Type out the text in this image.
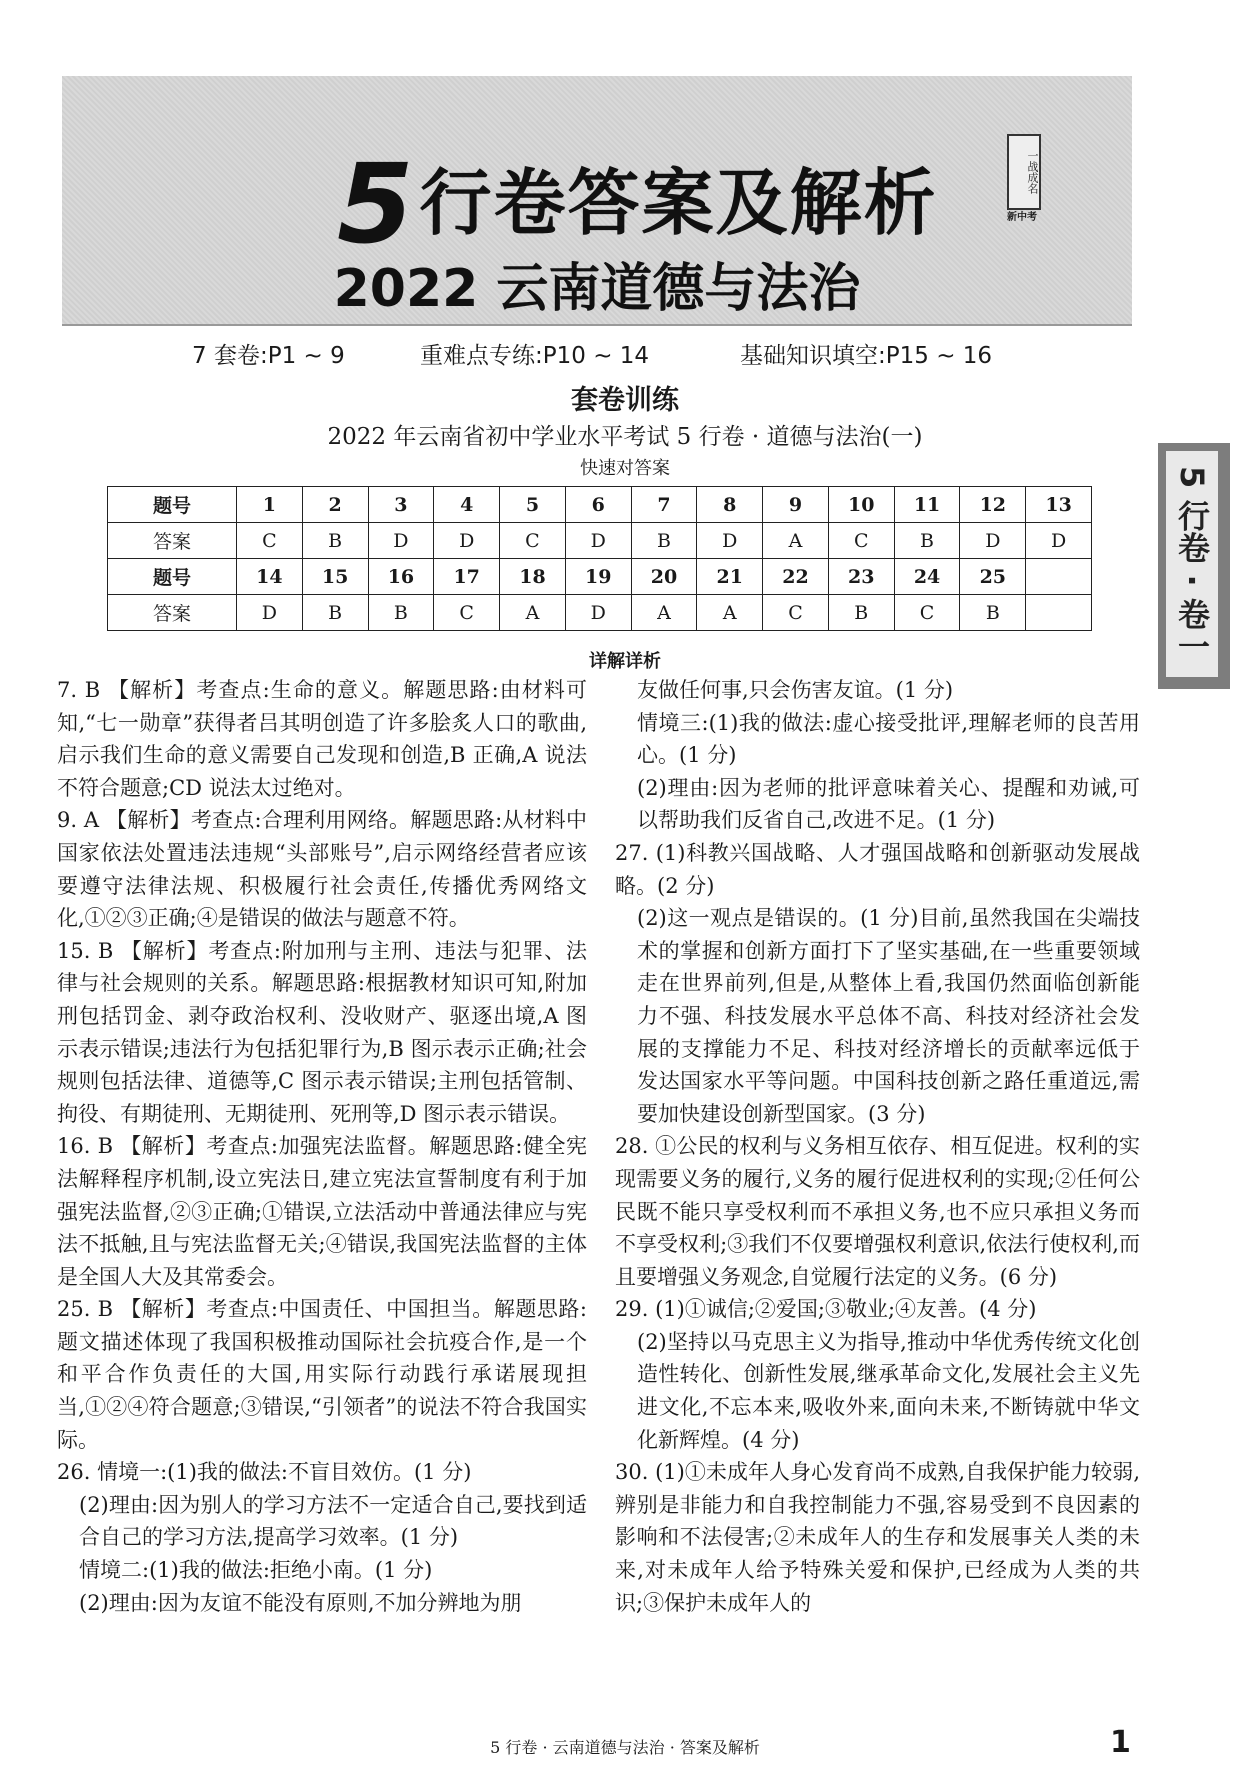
5行卷答案及解析	一战成名
新中考
2022 云南道德与法治
7 套卷:P1 ~ 9	重难点专练:P10 ~ 14	基础知识填空:P15 ~ 16
套卷训练
2022 年云南省初中学业水平考试 5 行卷 · 道德与法治(一)
快速对答案
题号	1	2	3	4	5	6	7	8	9	10	11	12	13
答案	C	B	D	D	C	D	B	D	A	C	B	D	D
题号	14	15	16	17	18	19	20	21	22	23	24	25	
答案	D	B	B	C	A	D	A	A	C	B	C	B	
详解详析

7. B 【解析】考查点:生命的意义。解题思路:由材料可知,“七一勋章”获得者吕其明创造了许多脍炙人口的歌曲,启示我们生命的意义需要自己发现和创造,B 正确,A 说法不符合题意;CD 说法太过绝对。

9. A 【解析】考查点:合理利用网络。解题思路:从材料中国家依法处置违法违规“头部账号”,启示网络经营者应该要遵守法律法规、积极履行社会责任,传播优秀网络文化,①②③正确;④是错误的做法与题意不符。

15. B 【解析】考查点:附加刑与主刑、违法与犯罪、法律与社会规则的关系。解题思路:根据教材知识可知,附加刑包括罚金、剥夺政治权利、没收财产、驱逐出境,A 图示表示错误;违法行为包括犯罪行为,B 图示表示正确;社会规则包括法律、道德等,C 图示表示错误;主刑包括管制、拘役、有期徒刑、无期徒刑、死刑等,D 图示表示错误。

16. B 【解析】考查点:加强宪法监督。解题思路:健全宪法解释程序机制,设立宪法日,建立宪法宣誓制度有利于加强宪法监督,②③正确;①错误,立法活动中普通法律应与宪法不抵触,且与宪法监督无关;④错误,我国宪法监督的主体是全国人大及其常委会。

25. B 【解析】考查点:中国责任、中国担当。解题思路:题文描述体现了我国积极推动国际社会抗疫合作,是一个和平合作负责任的大国,用实际行动践行承诺展现担当,①②④符合题意;③错误,“引领者”的说法不符合我国实际。

26. 情境一:(1)我的做法:不盲目效仿。(1 分)

(2)理由:因为别人的学习方法不一定适合自己,要找到适合自己的学习方法,提高学习效率。(1 分)

情境二:(1)我的做法:拒绝小南。(1 分)

(2)理由:因为友谊不能没有原则,不加分辨地为朋

友做任何事,只会伤害友谊。(1 分)

情境三:(1)我的做法:虚心接受批评,理解老师的良苦用心。(1 分)

(2)理由:因为老师的批评意味着关心、提醒和劝诫,可以帮助我们反省自己,改进不足。(1 分)

27. (1)科教兴国战略、人才强国战略和创新驱动发展战略。(2 分)

(2)这一观点是错误的。(1 分)目前,虽然我国在尖端技术的掌握和创新方面打下了坚实基础,在一些重要领域走在世界前列,但是,从整体上看,我国仍然面临创新能力不强、科技发展水平总体不高、科技对经济社会发展的支撑能力不足、科技对经济增长的贡献率远低于发达国家水平等问题。中国科技创新之路任重道远,需要加快建设创新型国家。(3 分)

28. ①公民的权利与义务相互依存、相互促进。权利的实现需要义务的履行,义务的履行促进权利的实现;②任何公民既不能只享受权利而不承担义务,也不应只承担义务而不享受权利;③我们不仅要增强权利意识,依法行使权利,而且要增强义务观念,自觉履行法定的义务。(6 分)

29. (1)①诚信;②爱国;③敬业;④友善。(4 分)

(2)坚持以马克思主义为指导,推动中华优秀传统文化创造性转化、创新性发展,继承革命文化,发展社会主义先进文化,不忘本来,吸收外来,面向未来,不断铸就中华文化新辉煌。(4 分)

30. (1)①未成年人身心发育尚不成熟,自我保护能力较弱,辨别是非能力和自我控制能力不强,容易受到不良因素的影响和不法侵害;②未成年人的生存和发展事关人类的未来,对未成年人给予特殊关爱和保护,已经成为人类的共识;③保护未成年人的

5 行卷 · 卷一
5 行卷 · 云南道德与法治 · 答案及解析	1
